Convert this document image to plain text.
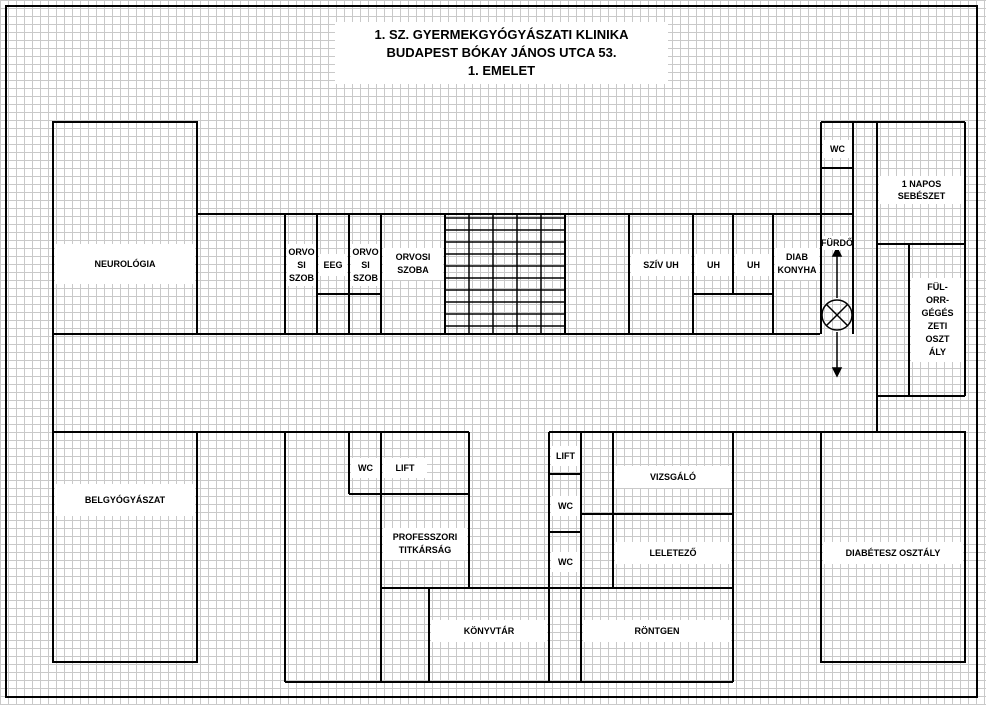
1. SZ. GYERMEKGYÓGYÁSZATI KLINIKA
BUDAPEST BÓKAY JÁNOS UTCA 53.
1. EMELET
NEUROLÓGIA
ORVO
SI
SZOB
EEG
ORVO
SI
SZOB
ORVOSI
SZOBA	SZÍV UH	UH	UH
DIAB
KONYHA
FÜRDŐ
WC
1 NAPOS SEBÉSZET
FÜL-
ORR-
GÉGÉS
ZETI
OSZT
ÁLY
BELGYÓGYÁSZAT
WC	LIFT
PROFESSZORI
TITKÁRSÁG
KÖNYVTÁR
LIFT
WC
WC
VIZSGÁLÓ
LELETEZŐ
RÖNTGEN
DIABÉTESZ OSZTÁLY
